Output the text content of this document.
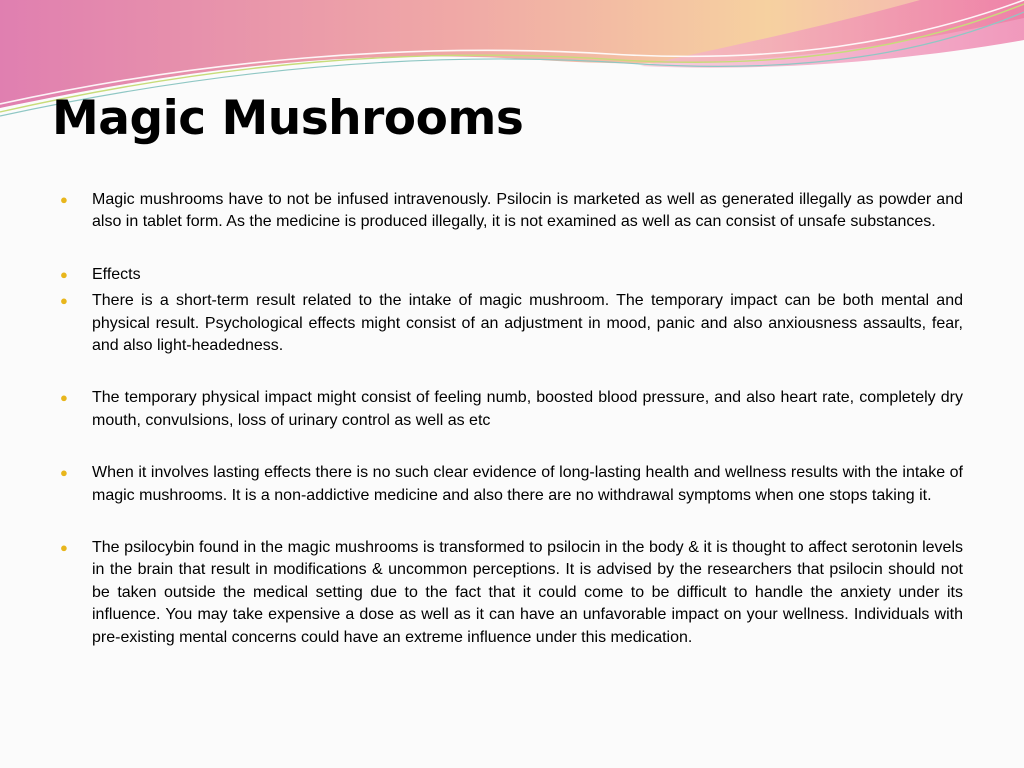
Magic Mushrooms
● Magic mushrooms have to not be infused intravenously. Psilocin is marketed as well as generated illegally as powder and also in tablet form. As the medicine is produced illegally, it is not examined as well as can consist of unsafe substances.
● Effects
● There is a short-term result related to the intake of magic mushroom. The temporary impact can be both mental and physical result. Psychological effects might consist of an adjustment in mood, panic and also anxiousness assaults, fear, and also light-headedness.
● The temporary physical impact might consist of feeling numb, boosted blood pressure, and also heart rate, completely dry mouth, convulsions, loss of urinary control as well as etc
● When it involves lasting effects there is no such clear evidence of long-lasting health and wellness results with the intake of magic mushrooms. It is a non-addictive medicine and also there are no withdrawal symptoms when one stops taking it.
● The psilocybin found in the magic mushrooms is transformed to psilocin in the body & it is thought to affect serotonin levels in the brain that result in modifications & uncommon perceptions. It is advised by the researchers that psilocin should not be taken outside the medical setting due to the fact that it could come to be difficult to handle the anxiety under its influence. You may take expensive a dose as well as it can have an unfavorable impact on your wellness. Individuals with pre-existing mental concerns could have an extreme influence under this medication.
